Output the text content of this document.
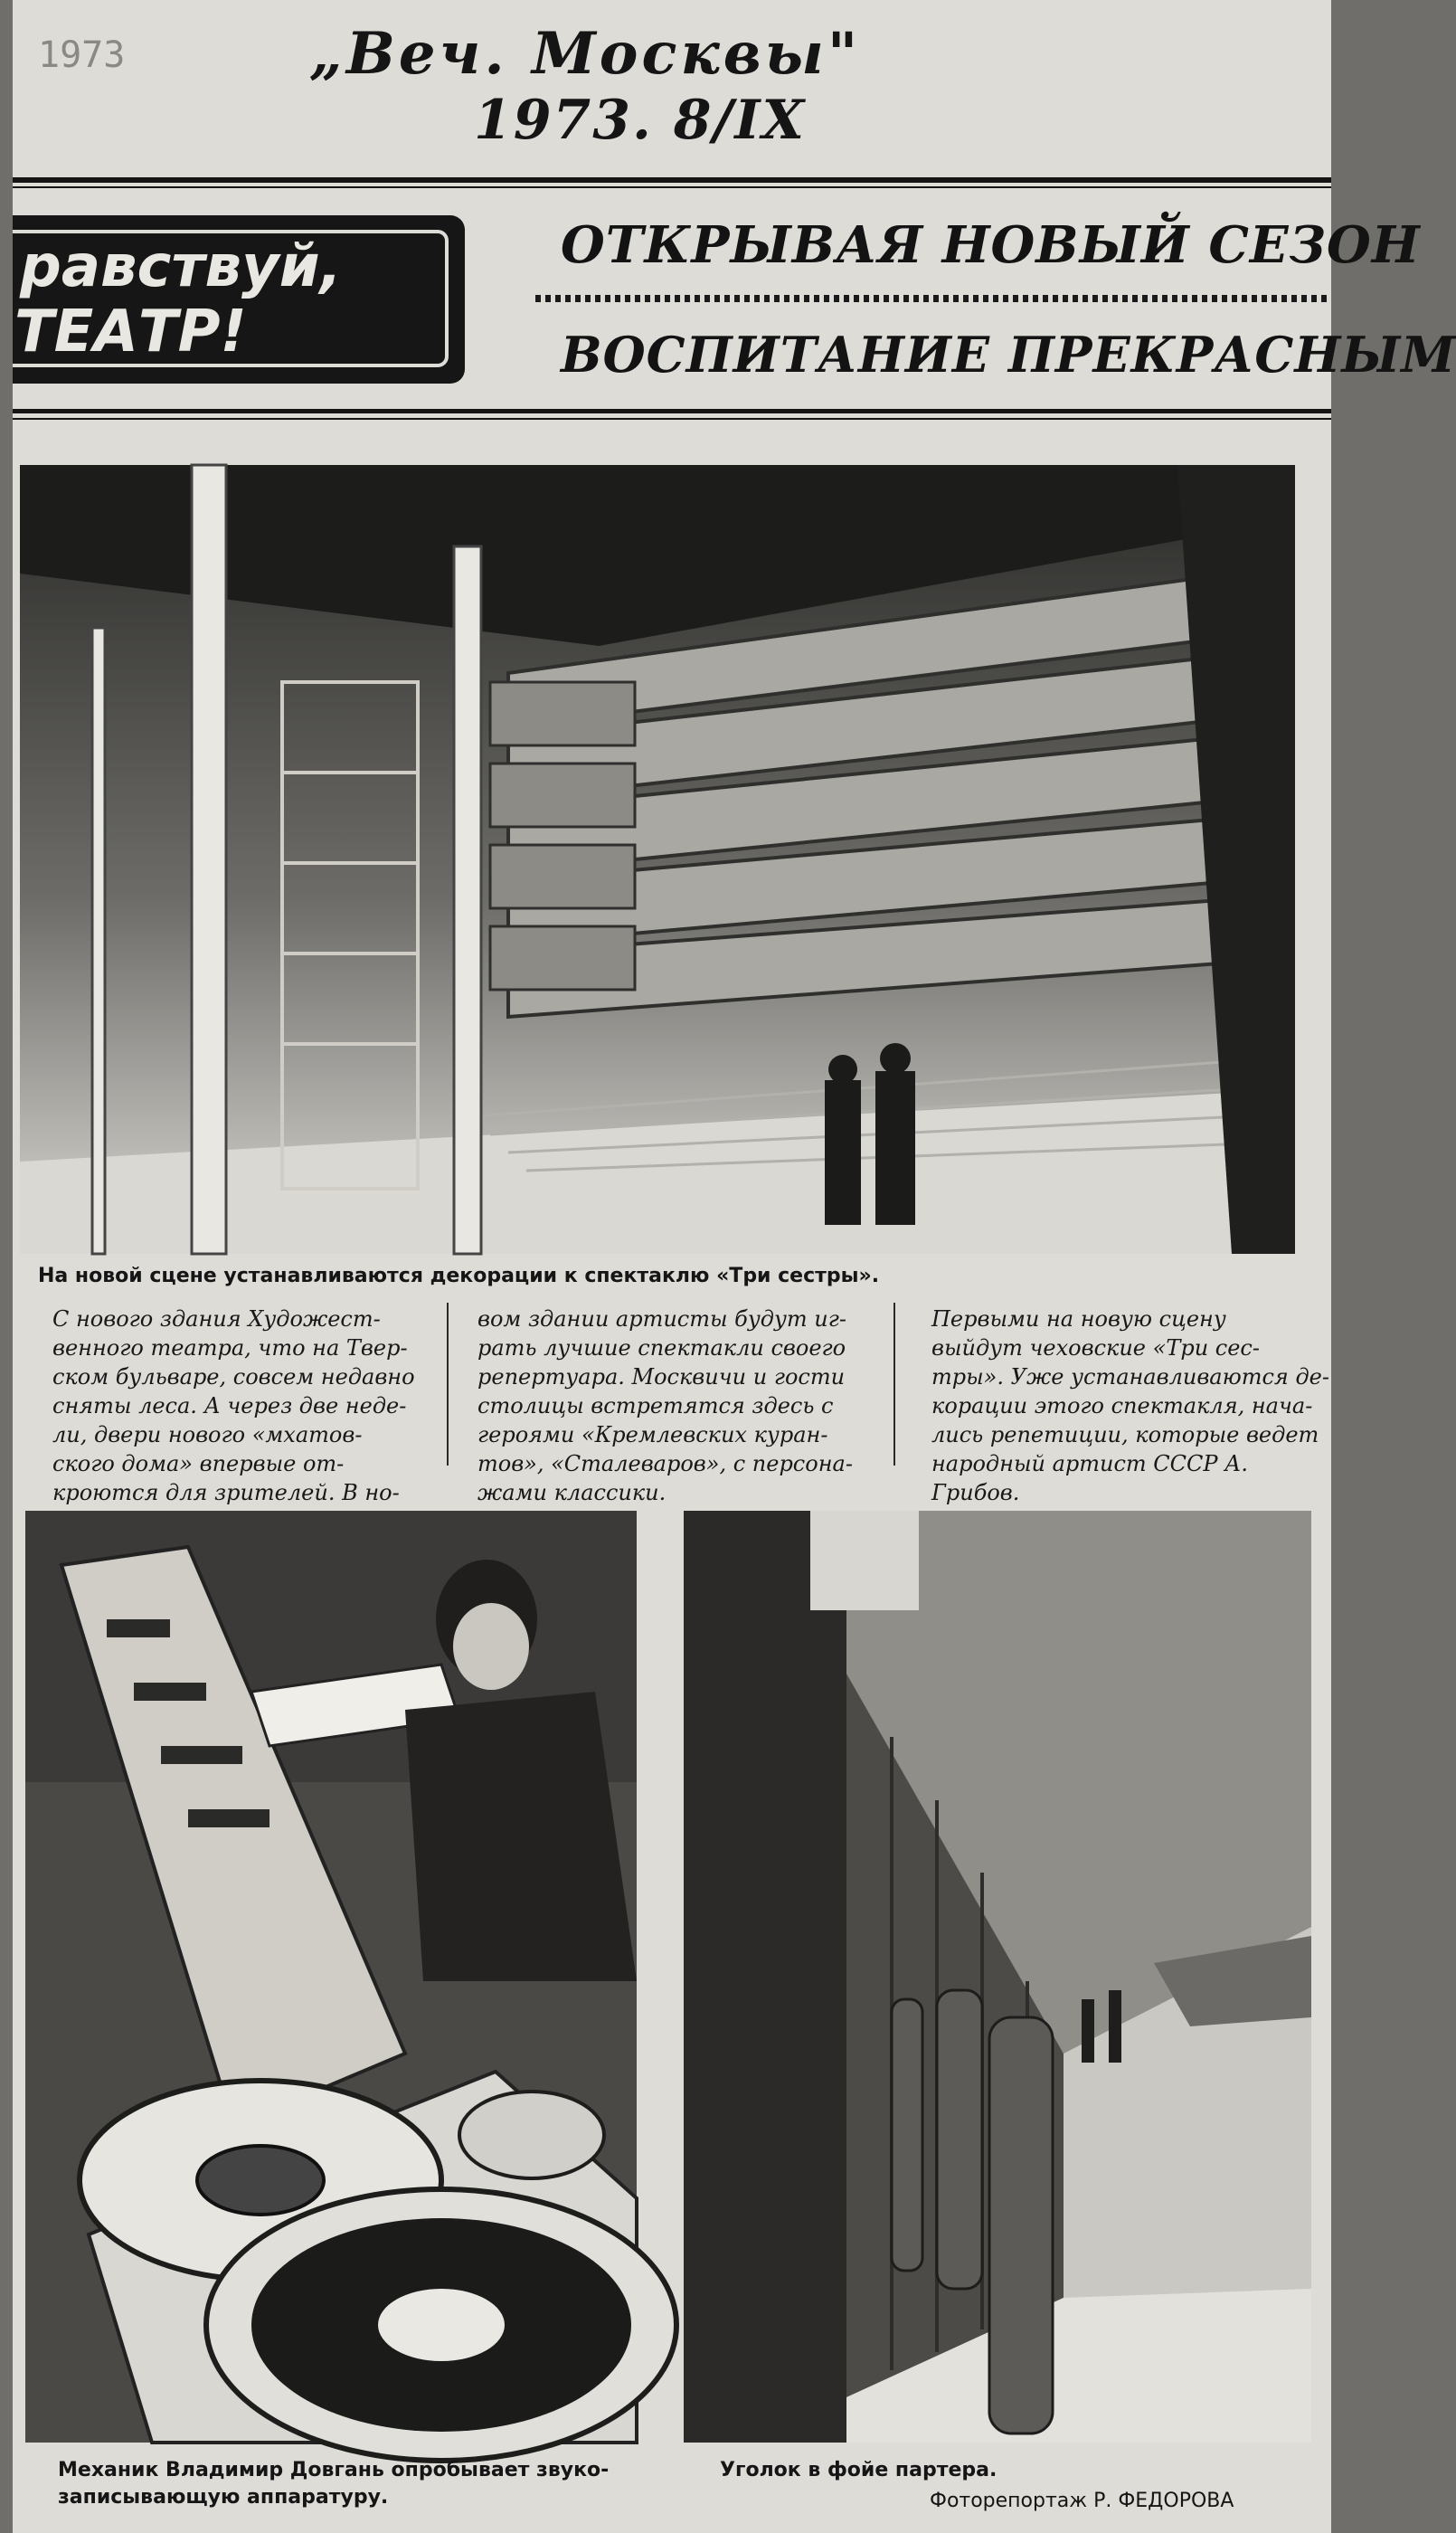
1973	„Веч. Москвы"
1973. 8/IX
равствуй,
ТЕАТР!
ОТКРЫВАЯ НОВЫЙ СЕЗОН
ВОСПИТАНИЕ ПРЕКРАСНЫМ
На новой сцене устанавливаются декорации к спектаклю «Три сестры».
С нового здания Художест-
венного театра, что на Твер-
ском бульваре, совсем недавно
сняты леса. А через две неде-
ли, двери нового «мхатов-
ского дома» впервые от-
кроются для зрителей. В но-
вом здании артисты будут иг-
рать лучшие спектакли своего
репертуара. Москвичи и гости
столицы встретятся здесь с
героями «Кремлевских куран-
тов», «Сталеваров», с персона-
жами классики.
Первыми на новую сцену
выйдут чеховские «Три сес-
тры». Уже устанавливаются де-
корации этого спектакля, нача-
лись репетиции, которые ведет
народный артист СССР А.
Грибов.
Механик Владимир Довгань опробывает звуко-
записывающую аппаратуру.
Уголок в фойе партера.
Фоторепортаж Р. ФЕДОРОВА
